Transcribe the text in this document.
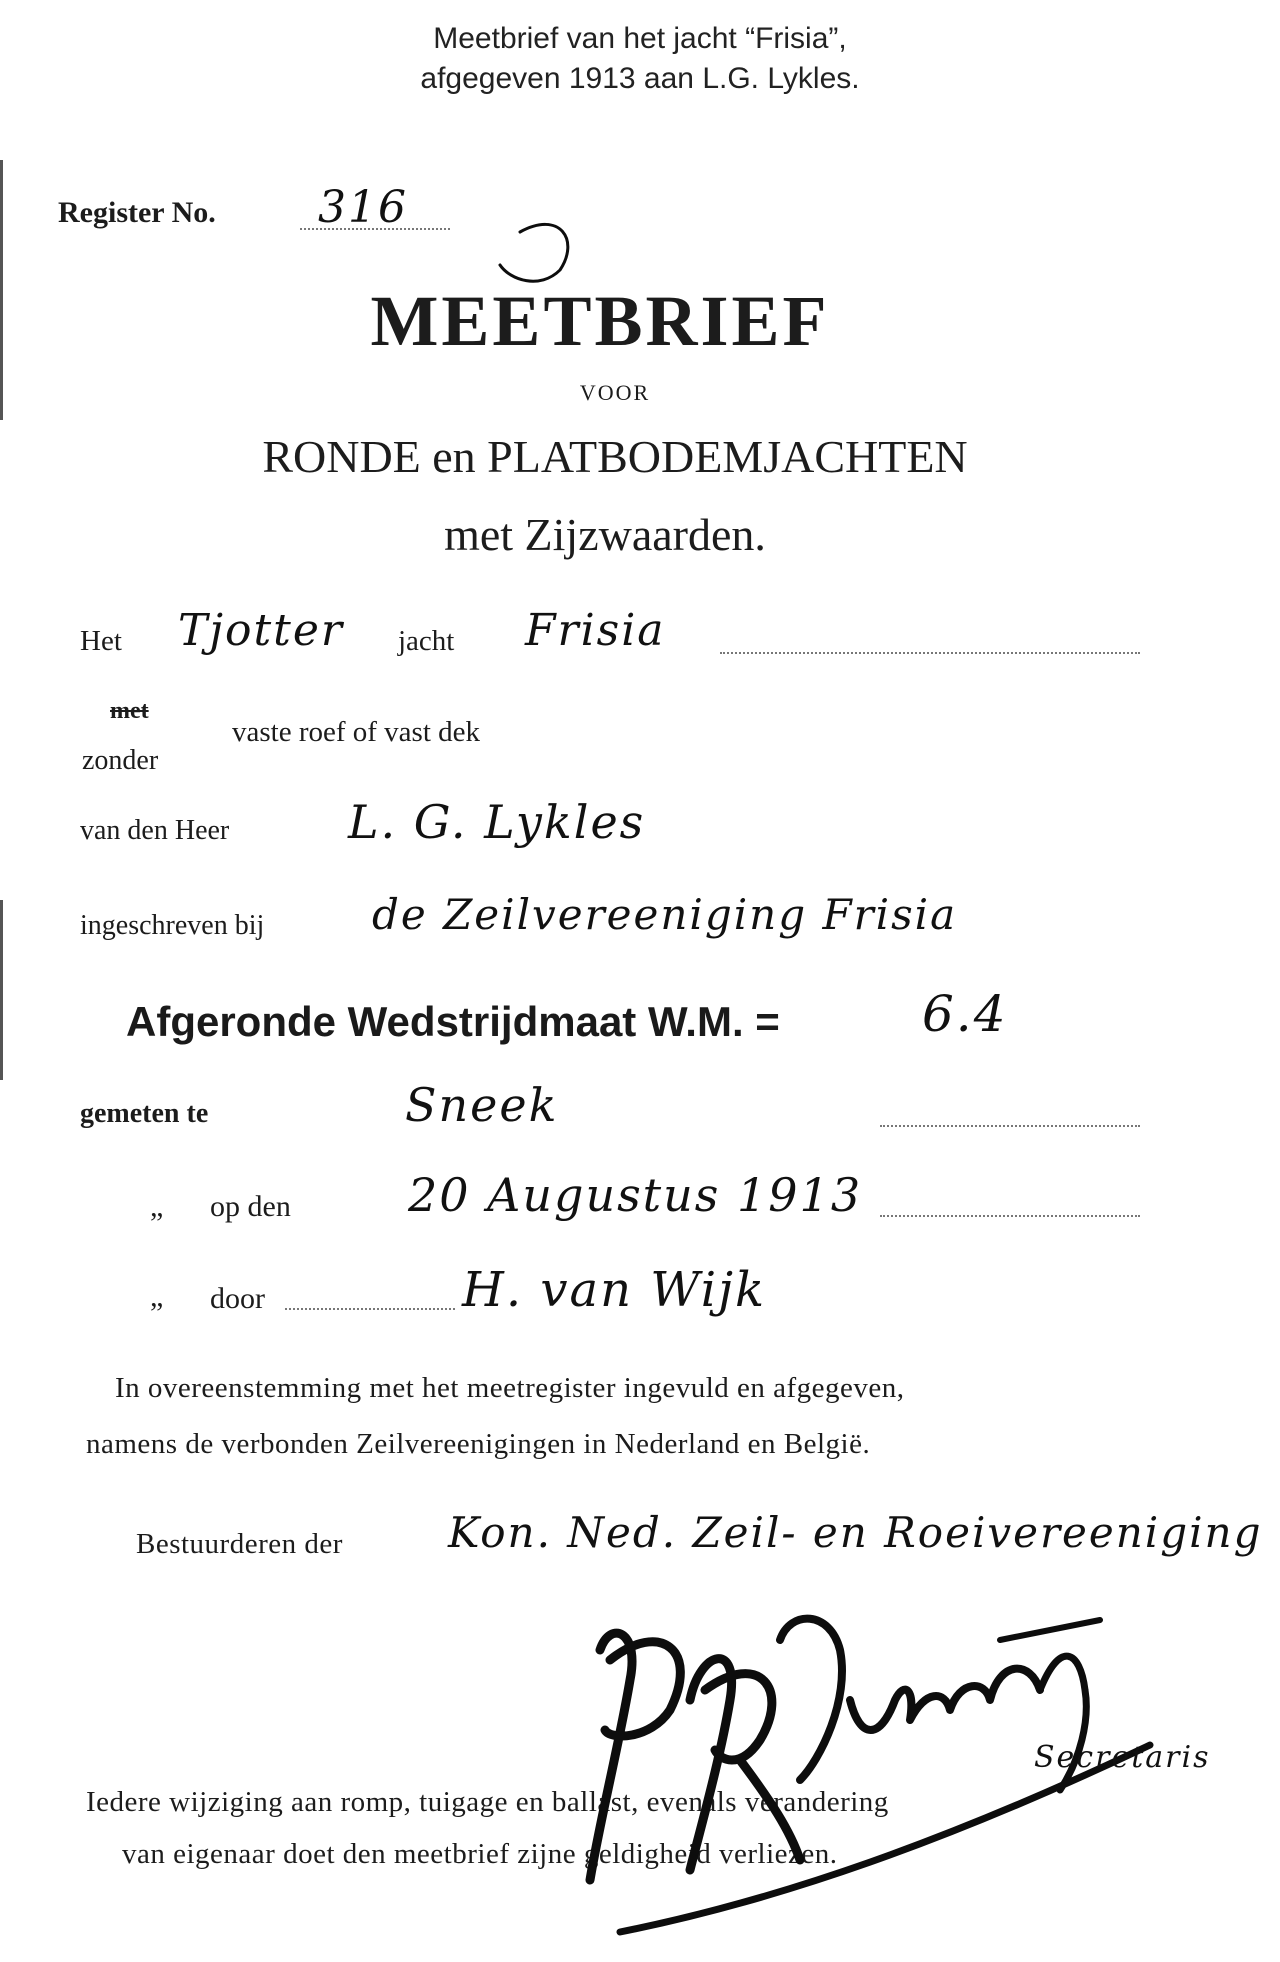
Meetbrief van het jacht “Frisia”,
afgegeven 1913 aan L.G. Lykles.
Register No. 316
MEETBRIEF
VOOR
RONDE en PLATBODEMJACHTEN
met Zijzwaarden.
Het Tjotter jacht Frisia
met
zonder
vaste roef of vast dek
van den Heer	L. G. Lykles
ingeschreven bij	de Zeilvereeniging Frisia
Afgeronde Wedstrijdmaat W.M. =	6.4
gemeten te	Sneek
„ op den	20 Augustus 1913
„ door	H. van Wijk
In overeenstemming met het meetregister ingevuld en afgegeven,
namens de verbonden Zeilvereenigingen in Nederland en België.
Bestuurderen der	Kon. Ned. Zeil- en Roeivereeniging
Iedere wijziging aan romp, tuigage en ballast, evenals verandering
van eigenaar doet den meetbrief zijne geldigheid verliezen.
Secretaris
